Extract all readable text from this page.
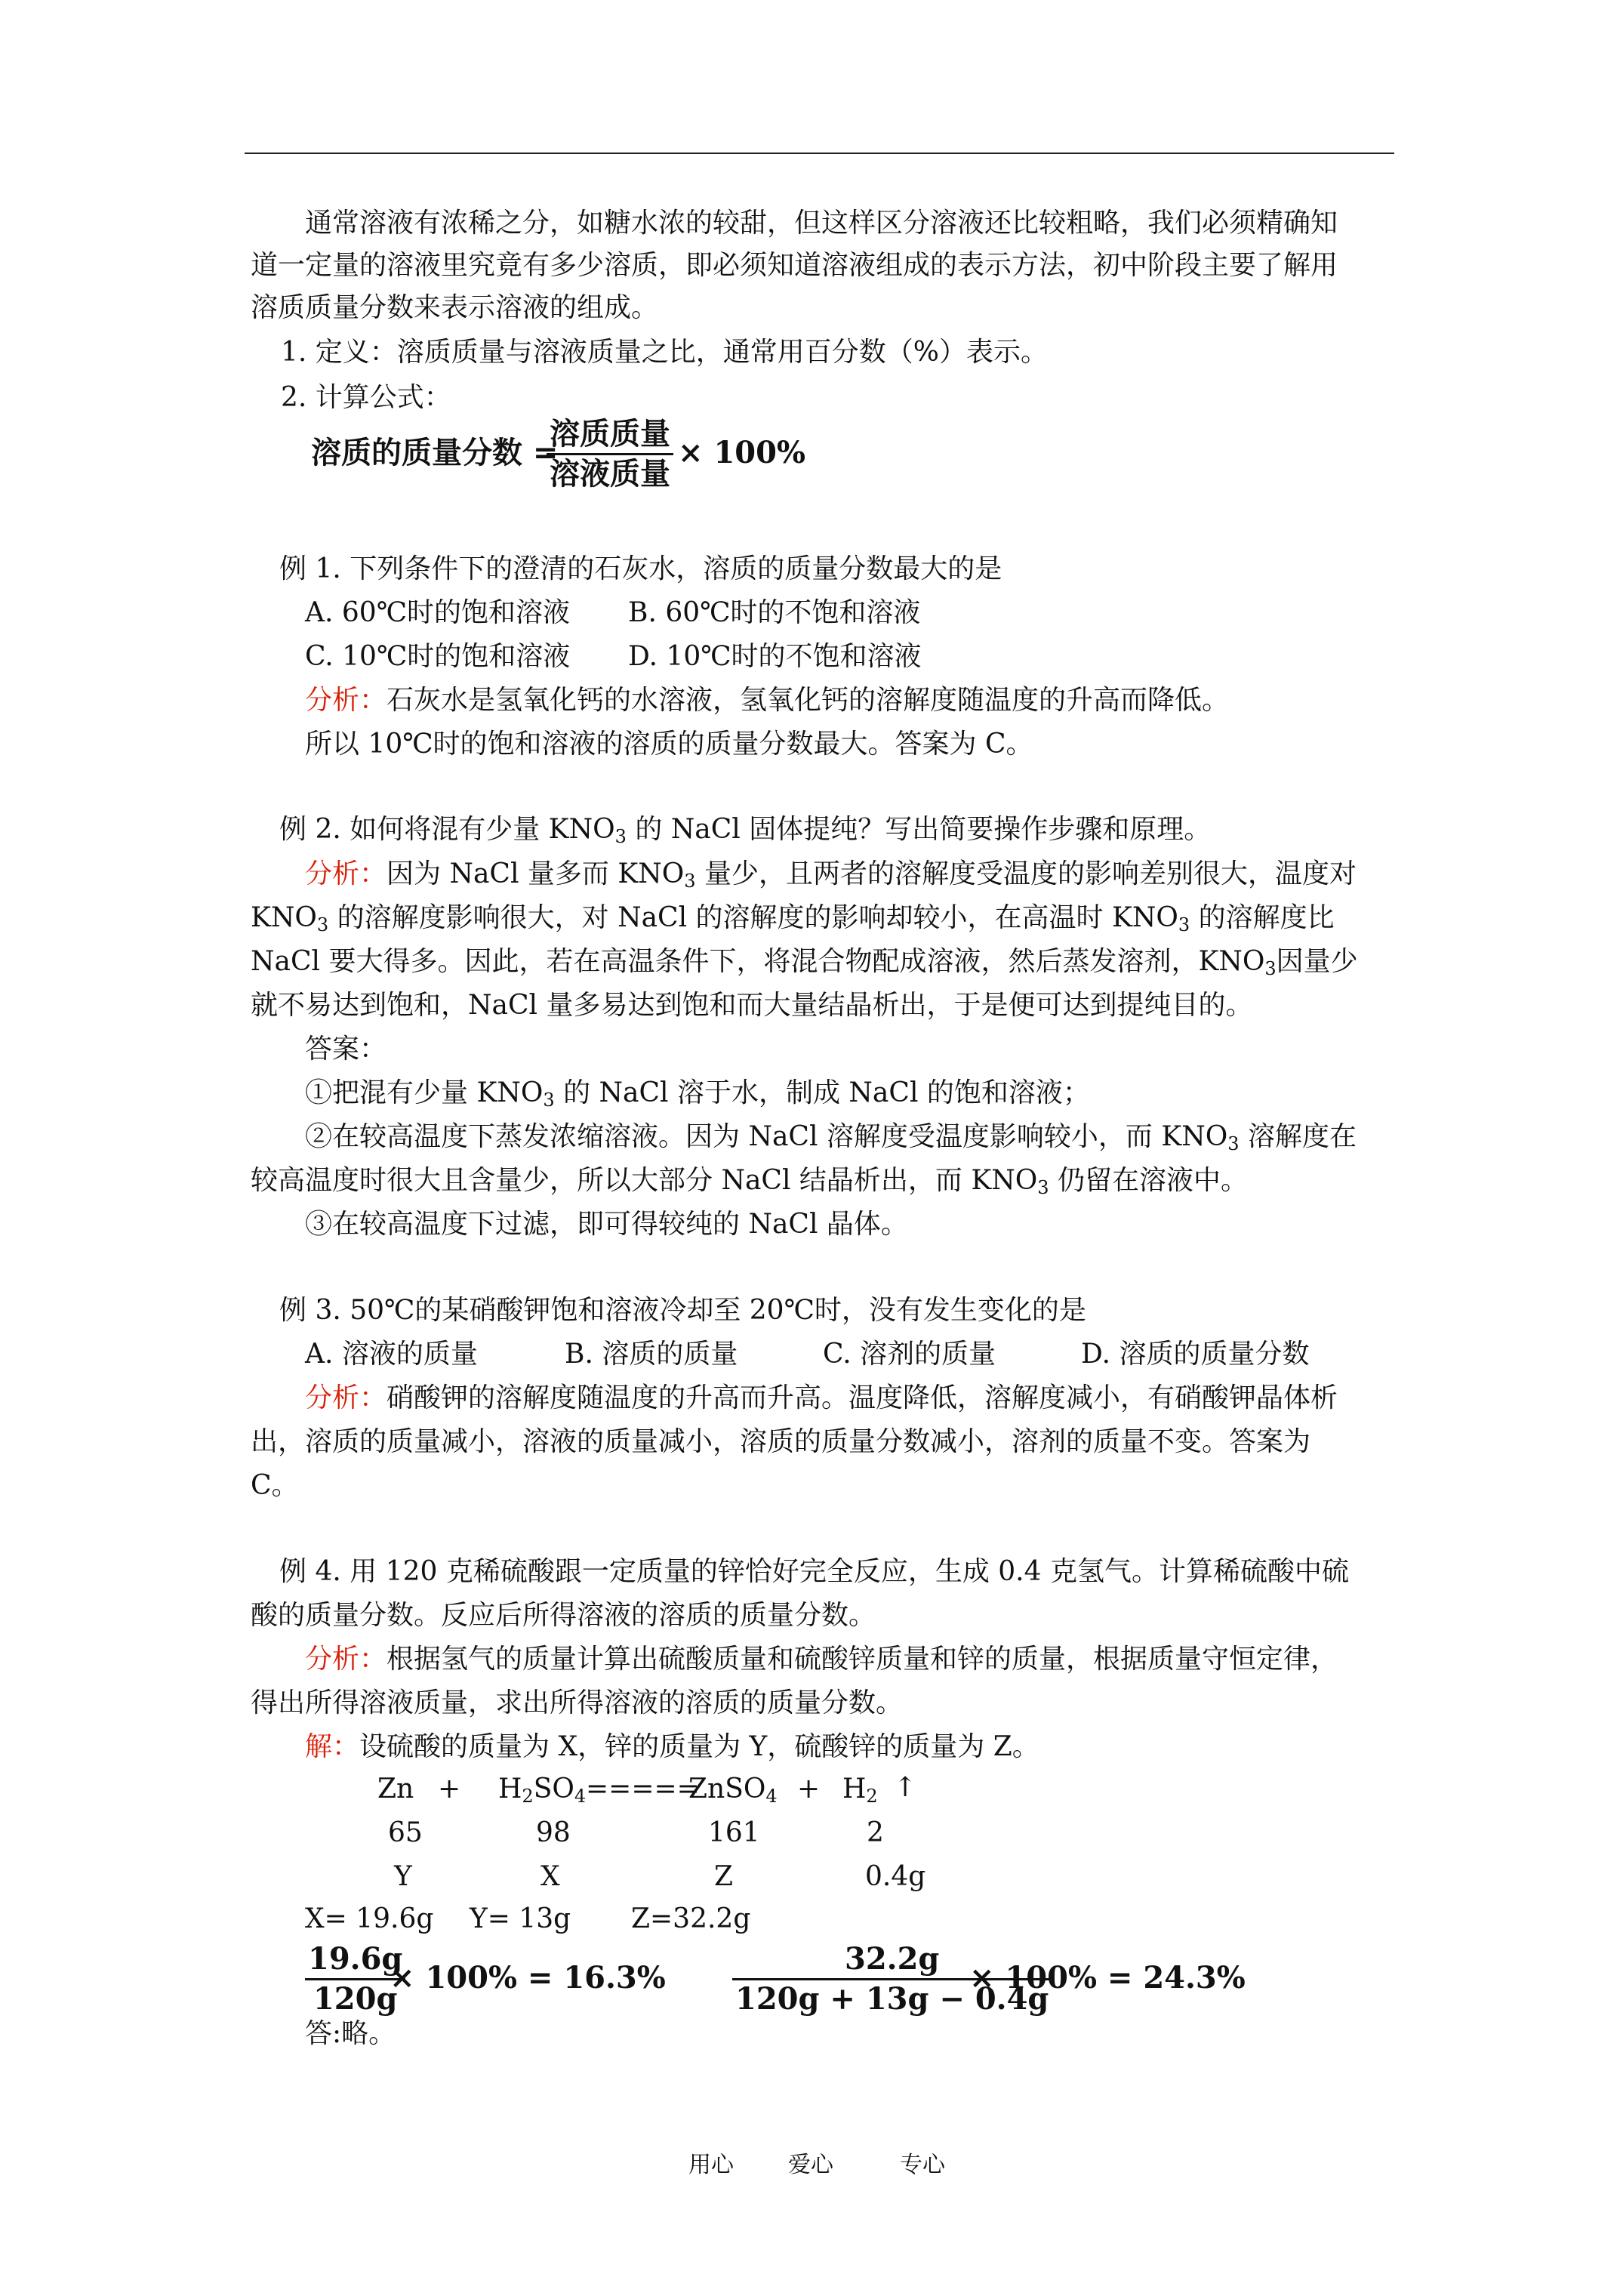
通常溶液有浓稀之分，如糖水浓的较甜，但这样区分溶液还比较粗略，我们必须精确知
道一定量的溶液里究竟有多少溶质，即必须知道溶液组成的表示方法，初中阶段主要了解用
溶质质量分数来表示溶液的组成。
1. 定义：溶质质量与溶液质量之比，通常用百分数（%）表示。
2. 计算公式：
溶质的质量分数 =
溶质质量
溶液质量
× 100%
例 1. 下列条件下的澄清的石灰水，溶质的质量分数最大的是
A. 60℃时的饱和溶液 B. 60℃时的不饱和溶液
C. 10℃时的饱和溶液 D. 10℃时的不饱和溶液
分析：石灰水是氢氧化钙的水溶液，氢氧化钙的溶解度随温度的升高而降低。
所以 10℃时的饱和溶液的溶质的质量分数最大。答案为 C。
例 2. 如何将混有少量 $KNO_3$ 的 NaCl 固体提纯？写出简要操作步骤和原理。
分析：因为 NaCl 量多而 $KNO_3$ 量少，且两者的溶解度受温度的影响差别很大，温度对
$KNO_3$ 的溶解度影响很大，对 NaCl 的溶解度的影响却较小，在高温时 $KNO_3$ 的溶解度比
NaCl 要大得多。因此，若在高温条件下，将混合物配成溶液，然后蒸发溶剂，$KNO_3$因量少
就不易达到饱和，NaCl 量多易达到饱和而大量结晶析出，于是便可达到提纯目的。
答案：
①把混有少量 $KNO_3$ 的 NaCl 溶于水，制成 NaCl 的饱和溶液；
②在较高温度下蒸发浓缩溶液。因为 NaCl 溶解度受温度影响较小，而 $KNO_3$ 溶解度在
较高温度时很大且含量少，所以大部分 NaCl 结晶析出，而 $KNO_3$ 仍留在溶液中。
③在较高温度下过滤，即可得较纯的 NaCl 晶体。
例 3. 50℃的某硝酸钾饱和溶液冷却至 20℃时，没有发生变化的是
A. 溶液的质量	B. 溶质的质量	C. 溶剂的质量	D. 溶质的质量分数
分析：硝酸钾的溶解度随温度的升高而升高。温度降低，溶解度减小，有硝酸钾晶体析
出，溶质的质量减小，溶液的质量减小，溶质的质量分数减小，溶剂的质量不变。答案为
C。
例 4. 用 120 克稀硫酸跟一定质量的锌恰好完全反应，生成 0.4 克氢气。计算稀硫酸中硫
酸的质量分数。反应后所得溶液的溶质的质量分数。
分析：根据氢气的质量计算出硫酸质量和硫酸锌质量和锌的质量，根据质量守恒定律，
得出所得溶液质量，求出所得溶液的溶质的质量分数。
解：设硫酸的质量为 X，锌的质量为 Y，硫酸锌的质量为 Z。
$Zn + H_2SO_4$ =====
ZnSO$_4$ + $H_2$ ↑
65	98	161	2
Y	X	Z	0.4g
X= 19.6g Y= 13g Z=32.2g
19.6g
120g
× 100% = 16.3%
32.2g
120g + 13g − 0.4g
× 100% = 24.3%
答:略。
用心 爱心	专心
